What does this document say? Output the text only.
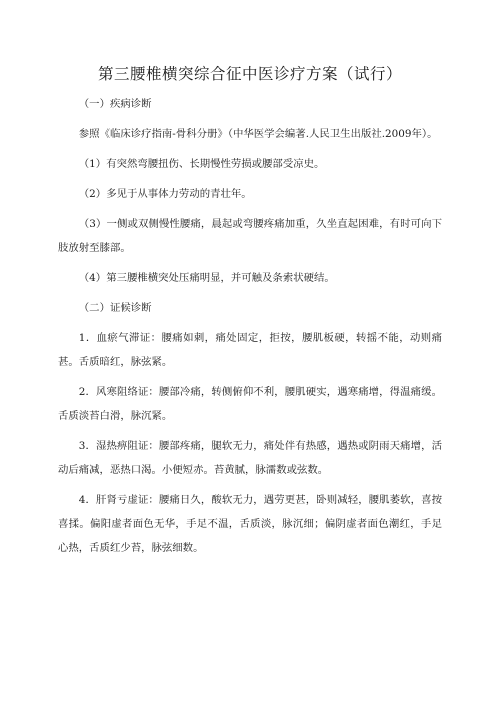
第三腰椎横突综合征中医诊疗方案（试行）

（一）疾病诊断

参照《临床诊疗指南-骨科分册》（中华医学会编著.人民卫生出版社.2009年）。

（1）有突然弯腰扭伤、长期慢性劳损或腰部受凉史。

（2）多见于从事体力劳动的青壮年。

（3）一侧或双侧慢性腰痛，晨起或弯腰疼痛加重，久坐直起困难，有时可向下肢放射至膝部。

（4）第三腰椎横突处压痛明显，并可触及条索状硬结。

（二）证候诊断

1．血瘀气滞证：腰痛如刺，痛处固定，拒按，腰肌板硬，转摇不能，动则痛甚。舌质暗红，脉弦紧。

2．风寒阻络证：腰部冷痛，转侧俯仰不利，腰肌硬实，遇寒痛增，得温痛缓。舌质淡苔白滑，脉沉紧。

3．湿热痹阻证：腰部疼痛，腿软无力，痛处伴有热感，遇热或阴雨天痛增，活动后痛减，恶热口渴。小便短赤。苔黄腻，脉濡数或弦数。

4．肝肾亏虚证：腰痛日久，酸软无力，遇劳更甚，卧则减轻，腰肌萎软，喜按喜揉。偏阳虚者面色无华，手足不温，舌质淡，脉沉细；偏阴虚者面色潮红，手足心热，舌质红少苔，脉弦细数。
